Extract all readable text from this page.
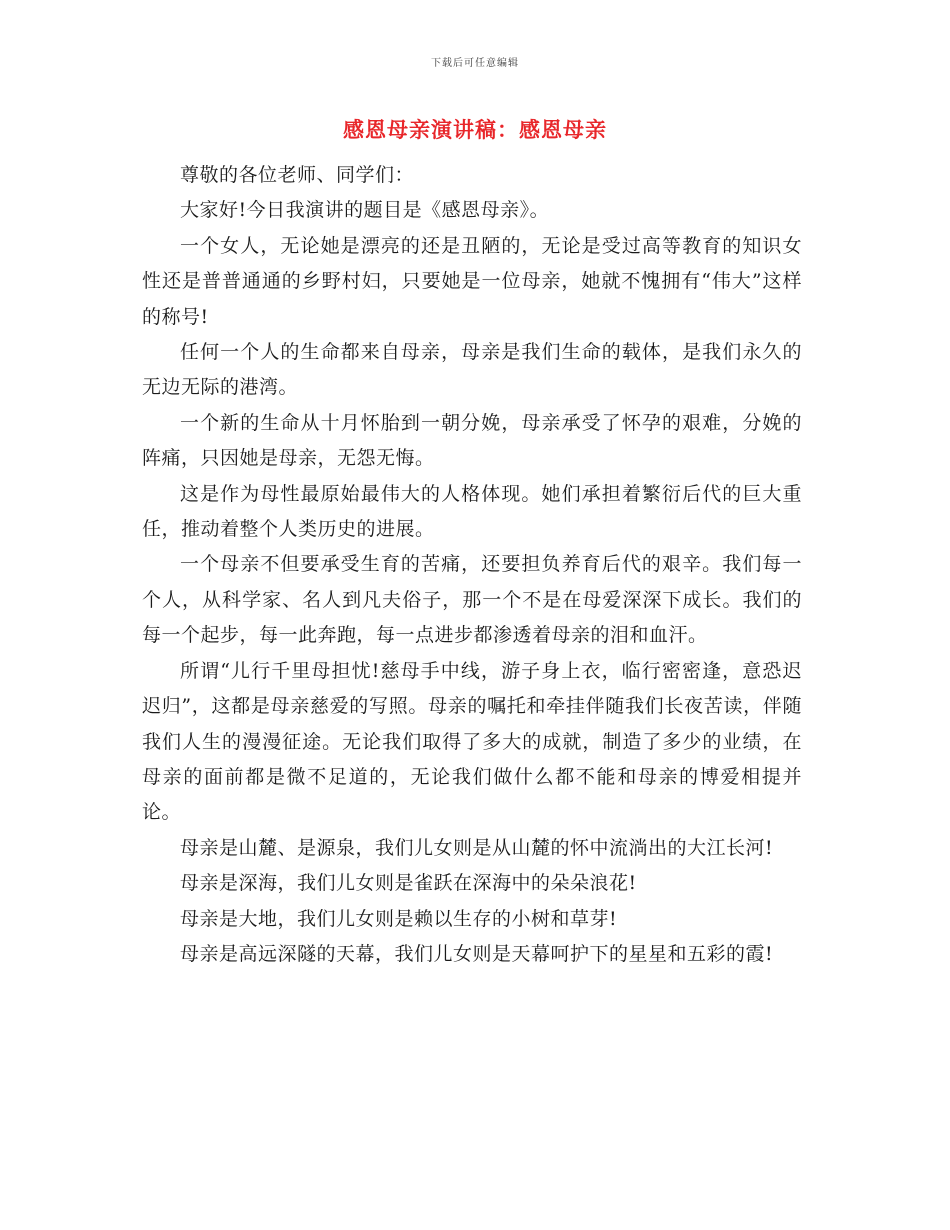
下载后可任意编辑
感恩母亲演讲稿：感恩母亲

尊敬的各位老师、同学们：

大家好!今日我演讲的题目是《感恩母亲》。

一个女人，无论她是漂亮的还是丑陋的，无论是受过高等教育的知识女性还是普普通通的乡野村妇，只要她是一位母亲，她就不愧拥有“伟大”这样的称号!

任何一个人的生命都来自母亲，母亲是我们生命的载体，是我们永久的无边无际的港湾。

一个新的生命从十月怀胎到一朝分娩，母亲承受了怀孕的艰难，分娩的阵痛，只因她是母亲，无怨无悔。

这是作为母性最原始最伟大的人格体现。她们承担着繁衍后代的巨大重任，推动着整个人类历史的进展。

一个母亲不但要承受生育的苦痛，还要担负养育后代的艰辛。我们每一个人，从科学家、名人到凡夫俗子，那一个不是在母爱深深下成长。我们的每一个起步，每一此奔跑，每一点进步都渗透着母亲的泪和血汗。

所谓“儿行千里母担忧!慈母手中线，游子身上衣，临行密密逢，意恐迟迟归”，这都是母亲慈爱的写照。母亲的嘱托和牵挂伴随我们长夜苦读，伴随我们人生的漫漫征途。无论我们取得了多大的成就，制造了多少的业绩，在母亲的面前都是微不足道的，无论我们做什么都不能和母亲的博爱相提并论。

母亲是山麓、是源泉，我们儿女则是从山麓的怀中流淌出的大江长河!

母亲是深海，我们儿女则是雀跃在深海中的朵朵浪花!

母亲是大地，我们儿女则是赖以生存的小树和草芽!

母亲是高远深隧的天幕，我们儿女则是天幕呵护下的星星和五彩的霞!
